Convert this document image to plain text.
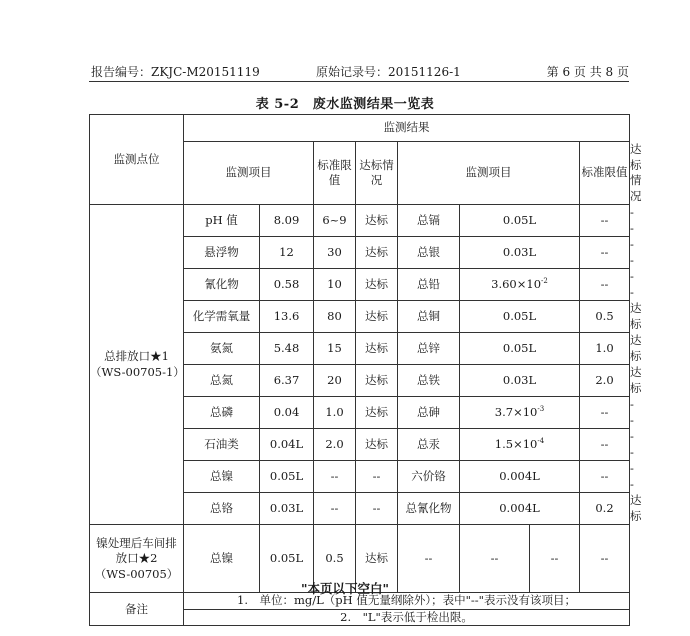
报告编号：ZKJC-M20151119	原始记录号：20151126-1	第 6 页 共 8 页
表 5-2　废水监测结果一览表
监测点位	监测结果								
	监测项目		标准限值	达标情况	监测项目			标准限值	达标情况

总排放口★1
（WS-00705-1）	pH 值	8.09	6~9	达标	总镉	0.05L		--	--
	悬浮物	12	30	达标	总银	0.03L		--	--
	氰化物	0.58	10	达标	总铅	$3.60\times 10^{-2}$		--	--
	化学需氧量	13.6	80	达标	总铜	0.05L		0.5	达标
	氨氮	5.48	15	达标	总锌	0.05L		1.0	达标
	总氮	6.37	20	达标	总铁	0.03L		2.0	达标
	总磷	0.04	1.0	达标	总砷	$3.7\times 10^{-3}$		--	--
	石油类	0.04L	2.0	达标	总汞	$1.5\times 10^{-4}$		--	--
	总镍	0.05L	--	--	六价铬	0.004L		--	--
	总铬	0.03L	--	--	总氰化物	0.004L		0.2	达标

镍处理后车间排
放口★2
（WS-00705）	总镍	0.05L	0.5	达标	--	--	--	--	
备注	1.　单位：mg/L（pH 值无量纲除外）；表中"--"表示没有该项目；								
	2.　"L"表示低于检出限。								
"本页以下空白"
